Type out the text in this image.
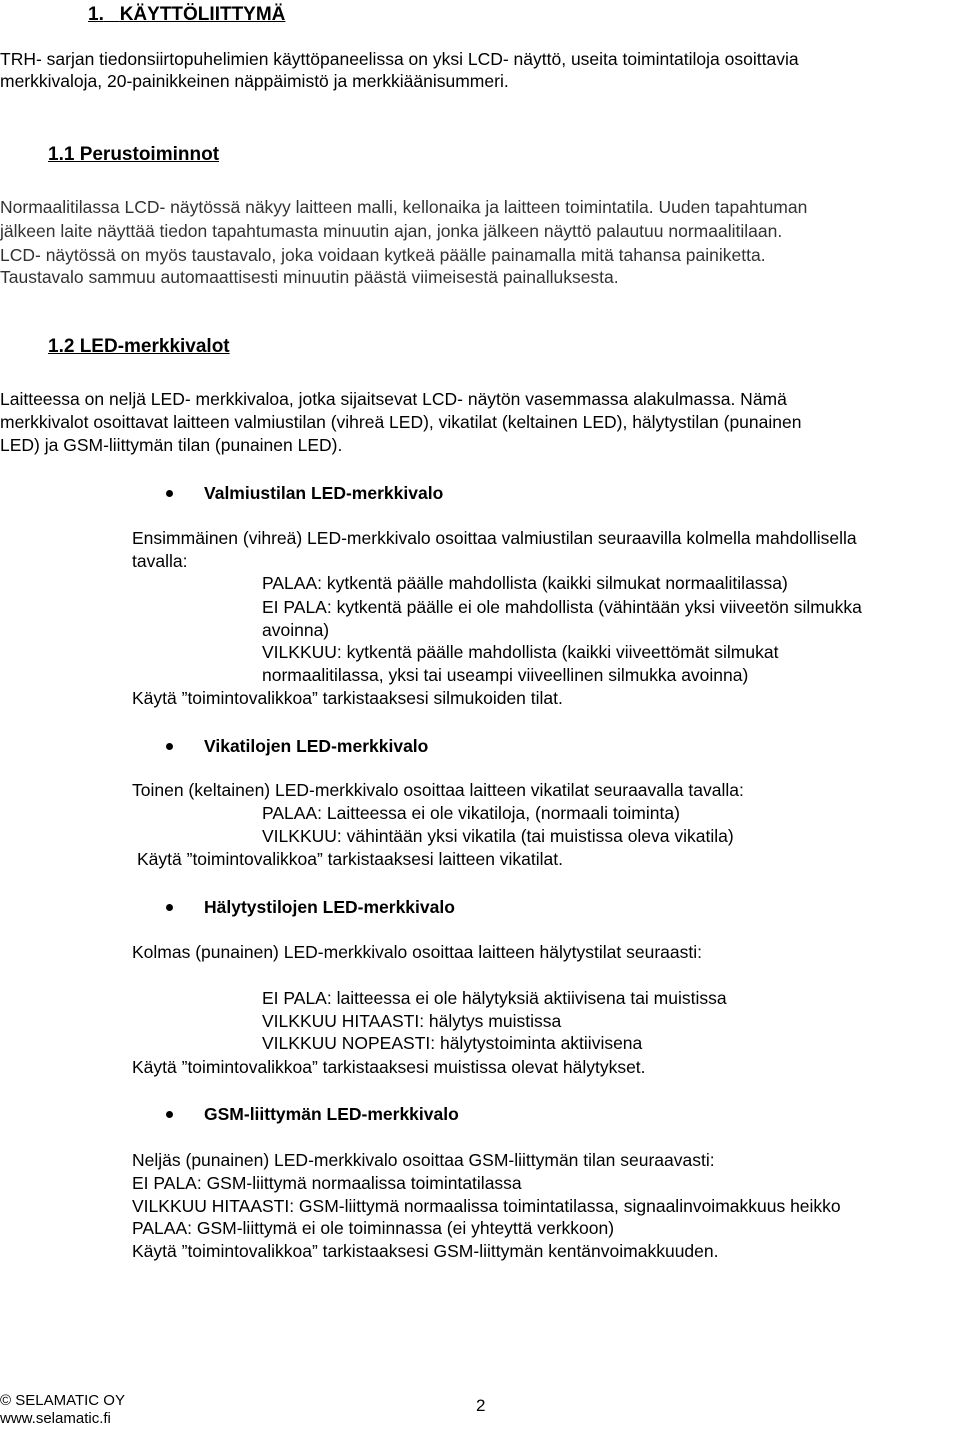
1. KÄYTTÖLIITTYMÄ
TRH- sarjan tiedonsiirtopuhelimien käyttöpaneelissa on yksi LCD- näyttö, useita toimintatiloja osoittavia
merkkivaloja, 20-painikkeinen näppäimistö ja merkkiäänisummeri.
1.1 Perustoiminnot
Normaalitilassa LCD- näytössä näkyy laitteen malli, kellonaika ja laitteen toimintatila. Uuden tapahtuman
jälkeen laite näyttää tiedon tapahtumasta minuutin ajan, jonka jälkeen näyttö palautuu normaalitilaan.
LCD- näytössä on myös taustavalo, joka voidaan kytkeä päälle painamalla mitä tahansa painiketta.
Taustavalo sammuu automaattisesti minuutin päästä viimeisestä painalluksesta.
1.2 LED-merkkivalot
Laitteessa on neljä LED- merkkivaloa, jotka sijaitsevat LCD- näytön vasemmassa alakulmassa. Nämä
merkkivalot osoittavat laitteen valmiustilan (vihreä LED), vikatilat (keltainen LED), hälytystilan (punainen
LED) ja GSM-liittymän tilan (punainen LED).
Valmiustilan LED-merkkivalo
Ensimmäinen (vihreä) LED-merkkivalo osoittaa valmiustilan seuraavilla kolmella mahdollisella
tavalla:
PALAA: kytkentä päälle mahdollista (kaikki silmukat normaalitilassa)
EI PALA: kytkentä päälle ei ole mahdollista (vähintään yksi viiveetön silmukka
avoinna)
VILKKUU: kytkentä päälle mahdollista (kaikki viiveettömät silmukat
normaalitilassa, yksi tai useampi viiveellinen silmukka avoinna)
Käytä ”toimintovalikkoa” tarkistaaksesi silmukoiden tilat.
Vikatilojen LED-merkkivalo
Toinen (keltainen) LED-merkkivalo osoittaa laitteen vikatilat seuraavalla tavalla:
PALAA: Laitteessa ei ole vikatiloja, (normaali toiminta)
VILKKUU: vähintään yksi vikatila (tai muistissa oleva vikatila)
Käytä ”toimintovalikkoa” tarkistaaksesi laitteen vikatilat.
Hälytystilojen LED-merkkivalo
Kolmas (punainen) LED-merkkivalo osoittaa laitteen hälytystilat seuraasti:
EI PALA: laitteessa ei ole hälytyksiä aktiivisena tai muistissa
VILKKUU HITAASTI: hälytys muistissa
VILKKUU NOPEASTI: hälytystoiminta aktiivisena
Käytä ”toimintovalikkoa” tarkistaaksesi muistissa olevat hälytykset.
GSM-liittymän LED-merkkivalo
Neljäs (punainen) LED-merkkivalo osoittaa GSM-liittymän tilan seuraavasti:
EI PALA: GSM-liittymä normaalissa toimintatilassa
VILKKUU HITAASTI: GSM-liittymä normaalissa toimintatilassa, signaalinvoimakkuus heikko
PALAA: GSM-liittymä ei ole toiminnassa (ei yhteyttä verkkoon)
Käytä ”toimintovalikkoa” tarkistaaksesi GSM-liittymän kentänvoimakkuuden.
© SELAMATIC OY
www.selamatic.fi
2
